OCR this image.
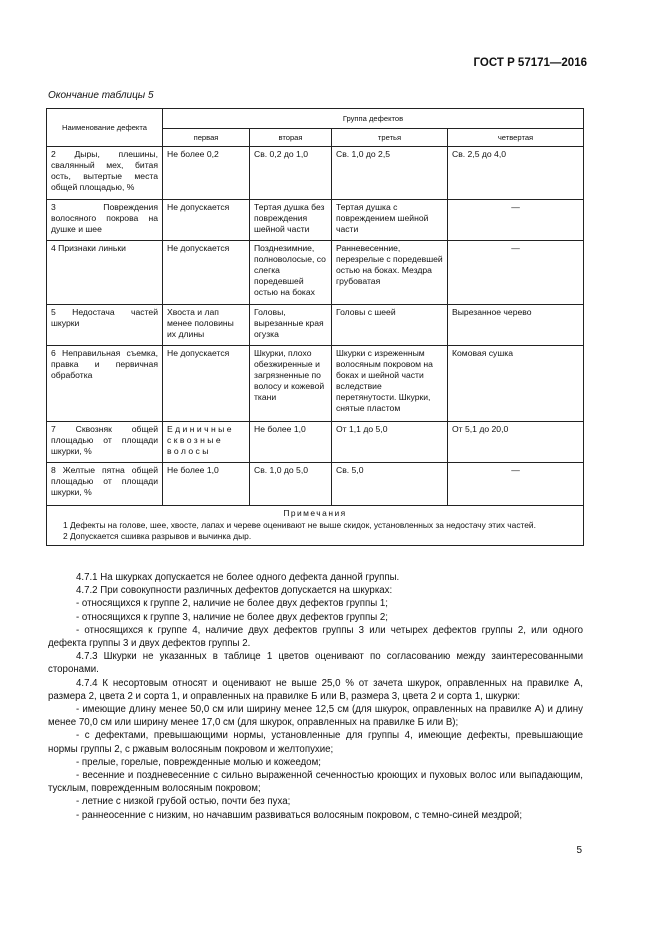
ГОСТ Р 57171—2016
Окончание таблицы 5
Наименование дефекта	Группа дефектов			
	первая	вторая	третья	четвертая
2 Дыры, плешины, свалянный мех, битая ость, вытертые места общей площадью, %	Не более 0,2	Св. 0,2 до 1,0	Св. 1,0 до 2,5	Св. 2,5 до 4,0
3 Повреждения волосяного покрова на душке и шее	Не допускается	Тертая душка без повреждения шейной части	Тертая душка с повреждением шейной части	—
4 Признаки линьки	Не допускается	Позднезимние, полноволосые, со слегка поредевшей остью на боках	Ранневесенние, перезрелые с поредевшей остью на боках. Мездра грубоватая	—
5 Недостача частей шкурки	Хвоста и лап менее половины их длины	Головы, вырезанные края огузка	Головы с шеей	Вырезанное черево
6 Неправильная съемка, правка и первичная обработка	Не допускается	Шкурки, плохо обезжиренные и загрязненные по волосу и кожевой ткани	Шкурки с изреженным волосяным покровом на боках и шейной части вследствие перетянутости. Шкурки, снятые пластом	Комовая сушка
7 Сквозняк общей площадью от площади шкурки, %	Единичные сквозные волосы	Не более 1,0	От 1,1 до 5,0	От 5,1 до 20,0
8 Желтые пятна общей площадью от площади шкурки, %	Не более 1,0	Св. 1,0 до 5,0	Св. 5,0	—

Примечания

1 Дефекты на голове, шее, хвосте, лапах и череве оценивают не выше скидок, установленных за недостачу этих частей.

2 Допускается сшивка разрывов и вычинка дыр.				

4.7.1 На шкурках допускается не более одного дефекта данной группы.

4.7.2 При совокупности различных дефектов допускается на шкурках:

- относящихся к группе 2, наличие не более двух дефектов группы 1;

- относящихся к группе 3, наличие не более двух дефектов группы 2;

- относящихся к группе 4, наличие двух дефектов группы 3 или четырех дефектов группы 2, или одного дефекта группы 3 и двух дефектов группы 2.

4.7.3 Шкурки не указанных в таблице 1 цветов оценивают по согласованию между заинтересованными сторонами.

4.7.4 К несортовым относят и оценивают не выше 25,0 % от зачета шкурок, оправленных на правилке А, размера 2, цвета 2 и сорта 1, и оправленных на правилке Б или В, размера 3, цвета 2 и сорта 1, шкурки:

- имеющие длину менее 50,0 см или ширину менее 12,5 см (для шкурок, оправленных на правилке А) и длину менее 70,0 см или ширину менее 17,0 см (для шкурок, оправленных на правилке Б или В);

- с дефектами, превышающими нормы, установленные для группы 4, имеющие дефекты, превышающие нормы группы 2, с ржавым волосяным покровом и желтопухие;

- прелые, горелые, поврежденные молью и кожеедом;

- весенние и поздневесенние с сильно выраженной сеченностью кроющих и пуховых волос или выпадающим, тусклым, поврежденным волосяным покровом;

- летние с низкой грубой остью, почти без пуха;

- раннеосенние с низким, но начавшим развиваться волосяным покровом, с темно-синей мездрой;

5
